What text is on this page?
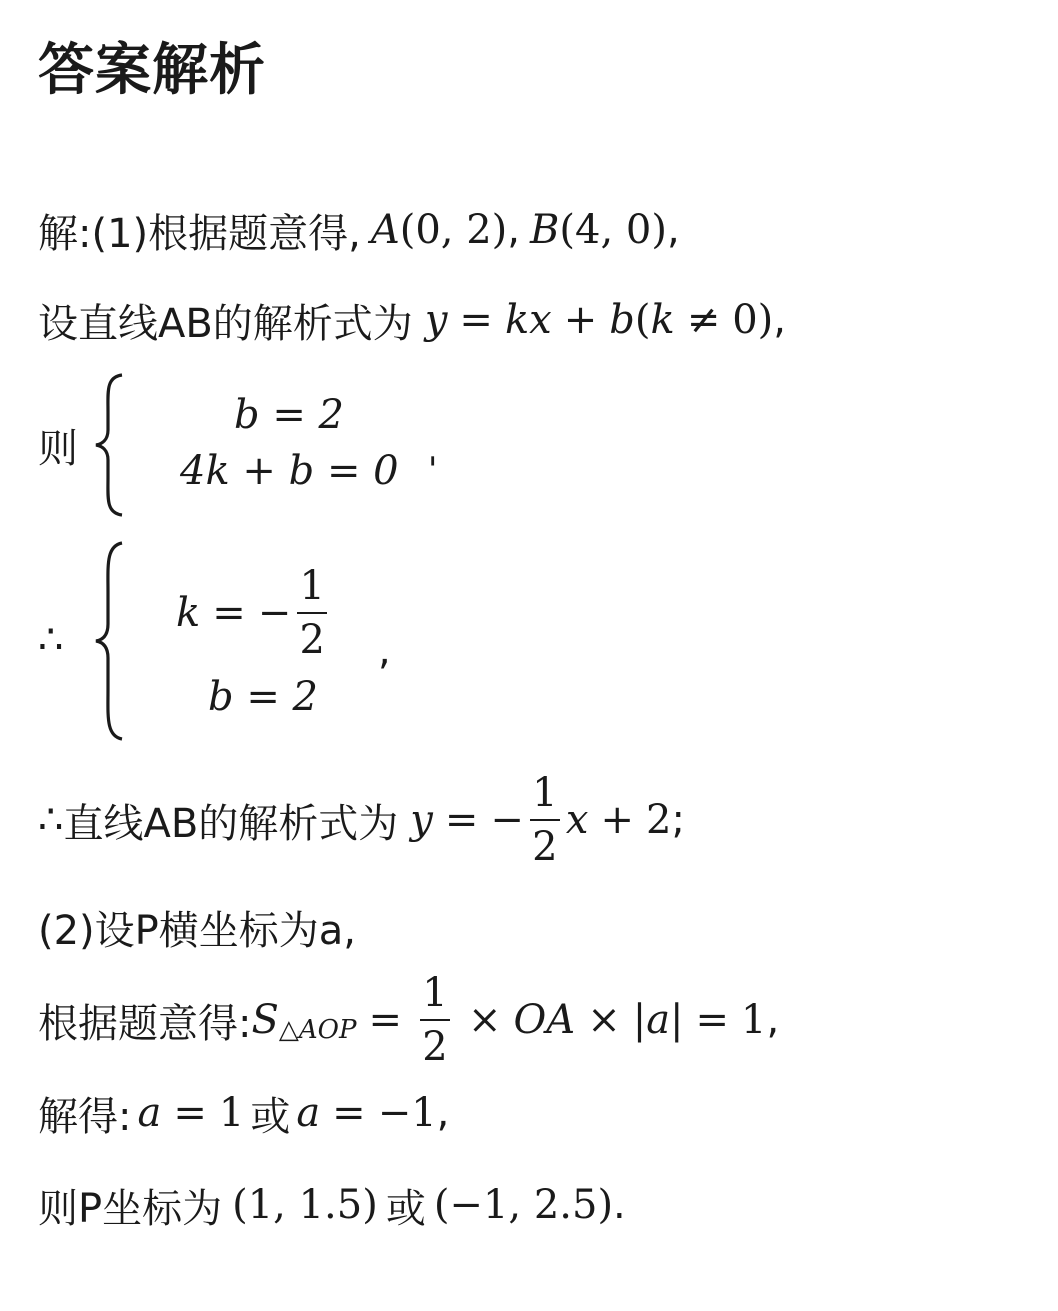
答案解析
解:(1)根据题意得, A (0, 2) , B (4, 0) ,
设直线AB的解析式为 y = kx + b ( k ≠ 0) ,
则
b = 2
4k + b = 0 '
∴
k = − $\frac{1}{2}$ ,
b = 2
∴ 直线AB的解析式为 y = − $\frac{1}{2}$ x + 2 ;
(2)设P横坐标为a,
根据题意得: S △AOP = $\frac{1}{2}$ × OA × |a| = 1 ,
解得: a = 1 或 a = −1 ,
则P坐标为 (1, 1.5) 或 (−1, 2.5) .
